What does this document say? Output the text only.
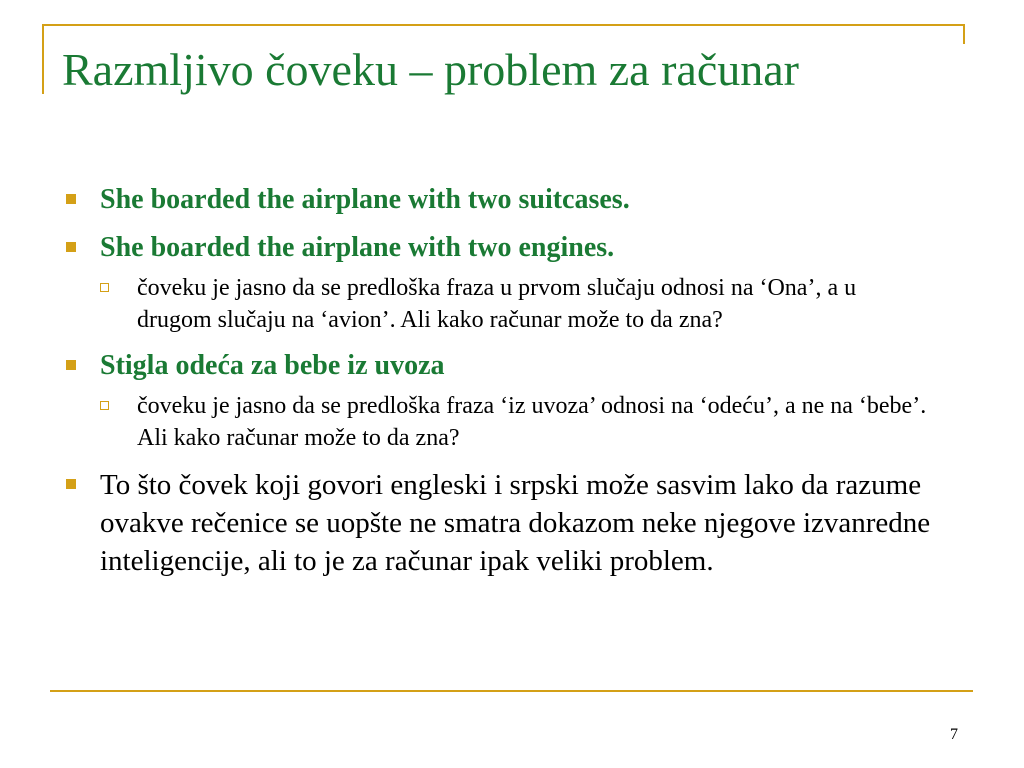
Razmljivo čoveku – problem za računar
She boarded the airplane with two suitcases.
She boarded the airplane with two engines.
čoveku je jasno da se predloška fraza u prvom slučaju odnosi na ‘Ona’, a u drugom slučaju na ‘avion’. Ali kako računar može to da zna?
Stigla odeća za bebe iz uvoza
čoveku je jasno da se predloška fraza ‘iz uvoza’ odnosi na ‘odeću’, a ne na ‘bebe’. Ali kako računar može to da zna?
To što čovek koji govori engleski i srpski može sasvim lako da razume ovakve rečenice se uopšte ne smatra dokazom neke njegove izvanredne inteligencije, ali to je za računar ipak veliki problem.
7
